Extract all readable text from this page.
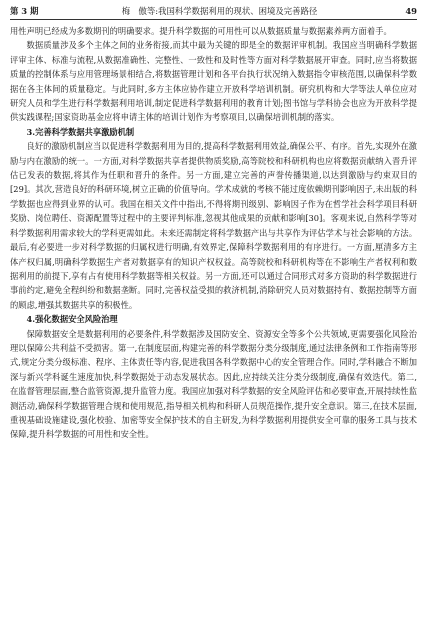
第 3 期	梅　傲等:我国科学数据利用的现状、困境及完善路径	49

用性声明已经成为多数期刊的明确要求。提升科学数据的可用性可以从数据质量与数据素养两方面着手。

数据质量涉及多个主体之间的业务衔接,而其中最为关键的即是全的数据评审机制。我国应当明确科学数据评审主体、标准与流程,从数据准确性、完整性、一致性和及时性等方面对科学数据展开审查。同时,应当将数据质量的控制体系与应用管理场景相结合,将数据管理计划和各平台执行状况纳入数据指令审核范围,以确保科学数据在各主体间的质量稳定。与此同时,多方主体应协作建立开放科学培训机制。研究机构和大学等法人单位应对研究人员和学生进行科学数据利用培训,制定促进科学数据利用的教育计划;图书馆与学科协会也应为开放科学提供实践课程;国家资助基金应将申请主体的培训计划作为考察项目,以确保培训机制的落实。

3.完善科学数据共享激励机制

良好的激励机制应当以促进科学数据利用为目的,提高科学数据利用效益,确保公平、有序。首先,实现外在激励与内在激励的统一。一方面,对科学数据共享者提供物质奖励,高等院校和科研机构也应将数据贡献纳入晋升评估已发表的数据,将其作为任职和晋升的条件。另一方面,建立完善的声誉传播渠道,以达到激励与约束双目的[29]。其次,营造良好的科研环境,树立正确的价值导向。学术成就的考核不能过度依赖期刊影响因子,未出版的科学数据也应得到业界的认可。我国在相关文件中指出,不得将期刊级别、影响因子作为在哲学社会科学项目科研奖励、岗位聘任、资源配置等过程中的主要评判标准,忽视其他成果的贡献和影响[30]。客观来说,自然科学等对科学数据利用需求较大的学科更需如此。未来还需制定将科学数据产出与共享作为评估学术与社会影响的方法。最后,有必要进一步对科学数据的归属权进行明确,有效界定,保障科学数据利用的有序进行。一方面,厘清多方主体产权归属,明确科学数据生产者对数据享有的知识产权权益。高等院校和科研机构等在不影响生产者权利和数据利用的前提下,享有占有使用科学数据等相关权益。另一方面,还可以通过合同形式对多方资助的科学数据进行事前约定,避免全程纠纷和数据垄断。同时,完善权益受损的救济机制,消除研究人员对数据持有、数据控制等方面的顾虑,增强其数据共享的积极性。

4.强化数据安全风险治理

保障数据安全是数据利用的必要条件,科学数据涉及国防安全、资源安全等多个公共领域,更需要强化风险治理以保障公共利益不受损害。第一,在制度层面,构建完善的科学数据分类分级制度,通过法律条例和工作指南等形式,规定分类分级标准、程序、主体责任等内容,促进我国各科学数据中心的安全管理合作。同时,学科融合不断加深与新兴学科诞生速度加快,科学数据处于动态发展状态。因此,应持续关注分类分级制度,确保有效迭代。第二,在监督管理层面,整合监管资源,提升监管力度。我国应加强对科学数据的安全风险评估和必要审查,开展持续性监测活动,确保科学数据管理合规和使用规范,指导相关机构和科研人员规范操作,提升安全意识。第三,在技术层面,重视基础设施建设,强化校验、加密等安全保护技术的自主研发,为科学数据利用提供安全可靠的服务工具与技术保障,提升科学数据的可用性和安全性。
